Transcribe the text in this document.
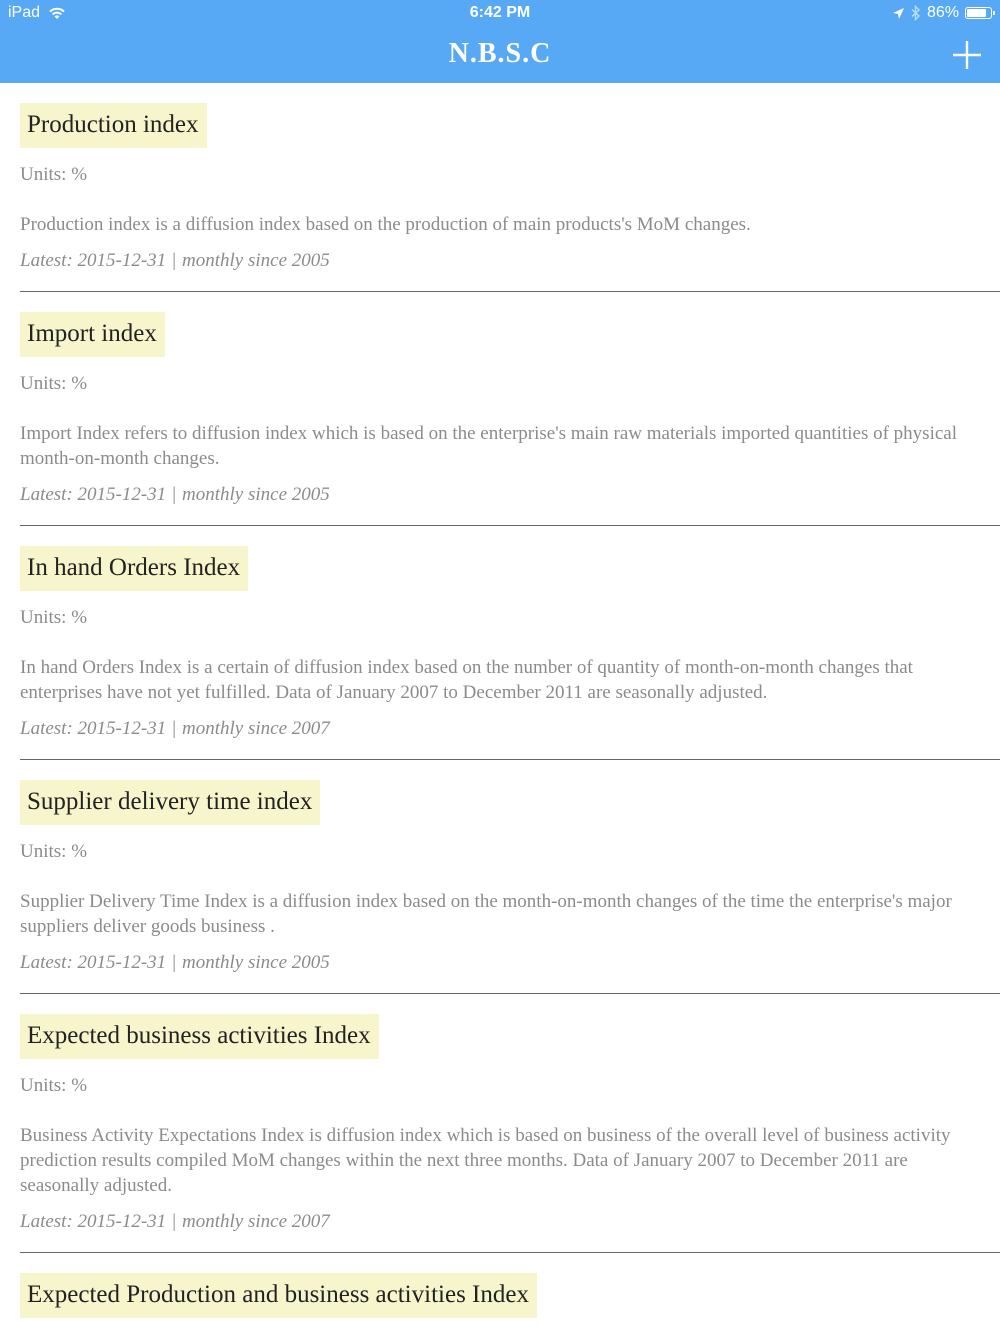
iPad	6:42 PM	86%
N.B.S.C
Production index
Units: %
Production index is a diffusion index based on the production of main products's MoM changes.
Latest: 2015-12-31 | monthly since 2005
Import index
Units: %
Import Index refers to diffusion index which is based on the enterprise's main raw materials imported quantities of physical month-on-month changes.
Latest: 2015-12-31 | monthly since 2005
In hand Orders Index
Units: %
In hand Orders Index is a certain of diffusion index based on the number of quantity of month-on-month changes that enterprises have not yet fulfilled. Data of January 2007 to December 2011 are seasonally adjusted.
Latest: 2015-12-31 | monthly since 2007
Supplier delivery time index
Units: %
Supplier Delivery Time Index is a diffusion index based on the month-on-month changes of the time the enterprise's major suppliers deliver goods business .
Latest: 2015-12-31 | monthly since 2005
Expected business activities Index
Units: %
Business Activity Expectations Index is diffusion index which is based on business of the overall level of business activity prediction results compiled MoM changes within the next three months. Data of January 2007 to December 2011 are seasonally adjusted.
Latest: 2015-12-31 | monthly since 2007
Expected Production and business activities Index
